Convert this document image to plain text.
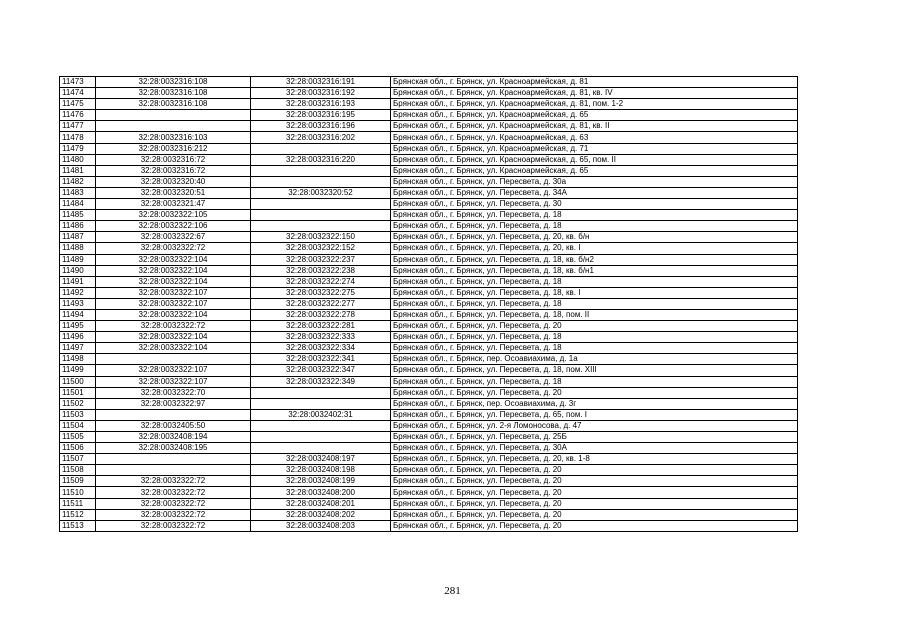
11473	32:28:0032316:108	32:28:0032316:191	Брянская обл., г. Брянск, ул. Красноармейская, д. 81
11474	32:28:0032316:108	32:28:0032316:192	Брянская обл., г. Брянск, ул. Красноармейская, д. 81, кв. IV
11475	32:28:0032316:108	32:28:0032316:193	Брянская обл., г. Брянск, ул. Красноармейская, д. 81, пом. 1-2
11476		32:28:0032316:195	Брянская обл., г. Брянск, ул. Красноармейская, д. 65
11477		32:28:0032316:196	Брянская обл., г. Брянск, ул. Красноармейская, д. 81, кв. II
11478	32:28:0032316:103	32:28:0032316:202	Брянская обл., г. Брянск, ул. Красноармейская, д. 63
11479	32:28:0032316:212		Брянская обл., г. Брянск, ул. Красноармейская, д. 71
11480	32:28:0032316:72	32:28:0032316:220	Брянская обл., г. Брянск, ул. Красноармейская, д. 65, пом. II
11481	32:28:0032316:72		Брянская обл., г. Брянск, ул. Красноармейская, д. 65
11482	32:28:0032320:40		Брянская обл., г. Брянск, ул. Пересвета, д. 30а
11483	32:28:0032320:51	32:28:0032320:52	Брянская обл., г. Брянск, ул. Пересвета, д. 34А
11484	32:28:0032321:47		Брянская обл., г. Брянск, ул. Пересвета, д. 30
11485	32:28:0032322:105		Брянская обл., г. Брянск, ул. Пересвета, д. 18
11486	32:28:0032322:106		Брянская обл., г. Брянск, ул. Пересвета, д. 18
11487	32:28:0032322:67	32:28:0032322:150	Брянская обл., г. Брянск, ул. Пересвета, д. 20, кв. б/н
11488	32:28:0032322:72	32:28:0032322:152	Брянская обл., г. Брянск, ул. Пересвета, д. 20, кв. I
11489	32:28:0032322:104	32:28:0032322:237	Брянская обл., г. Брянск, ул. Пересвета, д. 18, кв. б/н2
11490	32:28:0032322:104	32:28:0032322:238	Брянская обл., г. Брянск, ул. Пересвета, д. 18, кв. б/н1
11491	32:28:0032322:104	32:28:0032322:274	Брянская обл., г. Брянск, ул. Пересвета, д. 18
11492	32:28:0032322:107	32:28:0032322:275	Брянская обл., г. Брянск, ул. Пересвета, д. 18, кв. I
11493	32:28:0032322:107	32:28:0032322:277	Брянская обл., г. Брянск, ул. Пересвета, д. 18
11494	32:28:0032322:104	32:28:0032322:278	Брянская обл., г. Брянск, ул. Пересвета, д. 18, пом. II
11495	32:28:0032322:72	32:28:0032322:281	Брянская обл., г. Брянск, ул. Пересвета, д. 20
11496	32:28:0032322:104	32:28:0032322:333	Брянская обл., г. Брянск, ул. Пересвета, д. 18
11497	32:28:0032322:104	32:28:0032322:334	Брянская обл., г. Брянск, ул. Пересвета, д. 18
11498		32:28:0032322:341	Брянская обл., г. Брянск, пер. Осоавиахима, д. 1а
11499	32:28:0032322:107	32:28:0032322:347	Брянская обл., г. Брянск, ул. Пересвета, д. 18, пом. XIII
11500	32:28:0032322:107	32:28:0032322:349	Брянская обл., г. Брянск, ул. Пересвета, д. 18
11501	32:28:0032322:70		Брянская обл., г. Брянск, ул. Пересвета, д. 20
11502	32:28:0032322:97		Брянская обл., г. Брянск, пер. Осоавиахима, д. 3г
11503		32:28:0032402:31	Брянская обл., г. Брянск, ул. Пересвета, д. 65, пом. I
11504	32:28:0032405:50		Брянская обл., г. Брянск, ул. 2-я Ломоносова, д. 47
11505	32:28:0032408:194		Брянская обл., г. Брянск, ул. Пересвета, д. 25Б
11506	32:28:0032408:195		Брянская обл., г. Брянск, ул. Пересвета, д. 30А
11507		32:28:0032408:197	Брянская обл., г. Брянск, ул. Пересвета, д. 20, кв. 1-8
11508		32:28:0032408:198	Брянская обл., г. Брянск, ул. Пересвета, д. 20
11509	32:28:0032322:72	32:28:0032408:199	Брянская обл., г. Брянск, ул. Пересвета, д. 20
11510	32:28:0032322:72	32:28:0032408:200	Брянская обл., г. Брянск, ул. Пересвета, д. 20
11511	32:28:0032322:72	32:28:0032408:201	Брянская обл., г. Брянск, ул. Пересвета, д. 20
11512	32:28:0032322:72	32:28:0032408:202	Брянская обл., г. Брянск, ул. Пересвета, д. 20
11513	32:28:0032322:72	32:28:0032408:203	Брянская обл., г. Брянск, ул. Пересвета, д. 20
281
